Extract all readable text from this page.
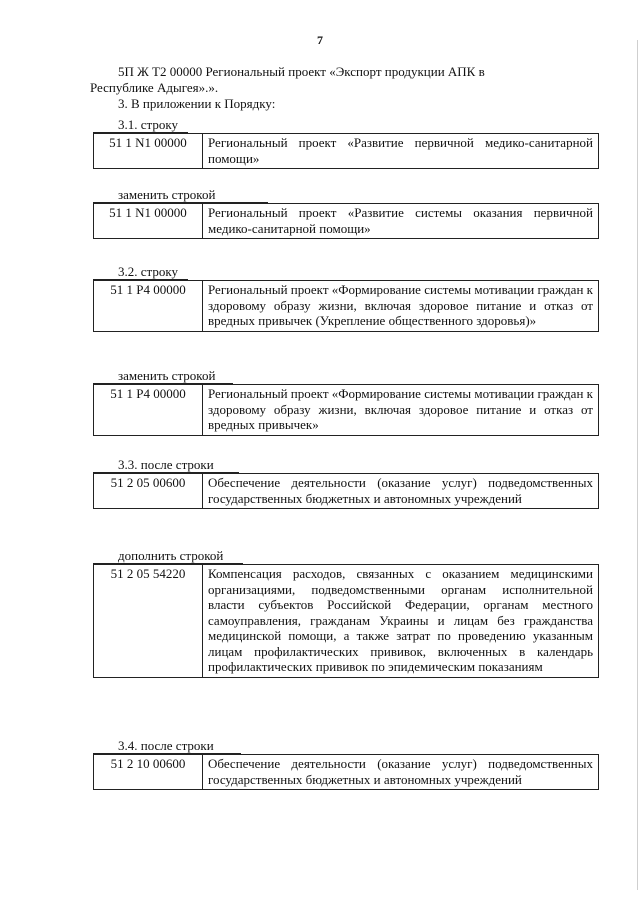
7
5П Ж Т2 00000 Региональный проект «Экспорт продукции АПК в
Республике Адыгея».».
3. В приложении к Порядку:
3.1. строку
51 1 N1 00000	Региональный проект «Развитие первичной медико-санитарной помощи»
заменить строкой
51 1 N1 00000	Региональный проект «Развитие системы оказания первичной медико-санитарной помощи»
3.2. строку
51 1 P4 00000	Региональный проект «Формирование системы мотивации граждан к здоровому образу жизни, включая здоровое питание и отказ от вредных привычек (Укрепление общественного здоровья)»
заменить строкой
51 1 P4 00000	Региональный проект «Формирование системы мотивации граждан к здоровому образу жизни, включая здоровое питание и отказ от вредных привычек»
3.3. после строки
51 2 05 00600	Обеспечение деятельности (оказание услуг) подведомственных государственных бюджетных и автономных учреждений
дополнить строкой
51 2 05 54220	Компенсация расходов, связанных с оказанием медицинскими организациями, подведомственными органам исполнительной власти субъектов Российской Федерации, органам местного самоуправления, гражданам Украины и лицам без гражданства медицинской помощи, а также затрат по проведению указанным лицам профилактических прививок, включенных в календарь профилактических прививок по эпидемическим показаниям
3.4. после строки
51 2 10 00600	Обеспечение деятельности (оказание услуг) подведомственных государственных бюджетных и автономных учреждений
